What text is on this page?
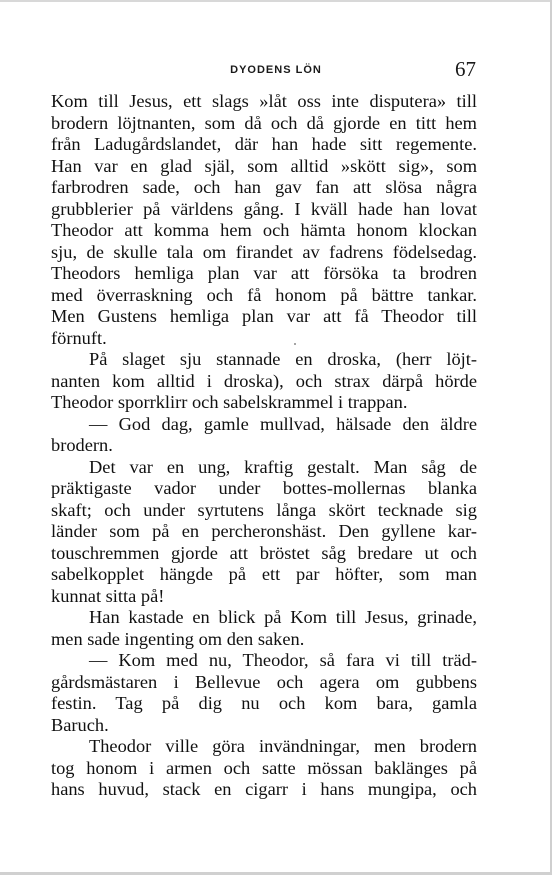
DYODENS LÖN	67
Kom till Jesus, ett slags »låt oss inte disputera» till
brodern löjtnanten, som då och då gjorde en titt hem
från Ladugårdslandet, där han hade sitt regemente.
Han var en glad själ, som alltid »skött sig», som
farbrodren sade, och han gav fan att slösa några
grubblerier på världens gång. I kväll hade han lovat
Theodor att komma hem och hämta honom klockan
sju, de skulle tala om firandet av fadrens födelsedag.
Theodors hemliga plan var att försöka ta brodren
med överraskning och få honom på bättre tankar.
Men Gustens hemliga plan var att få Theodor till
förnuft.
På slaget sju stannade en droska, (herr löjt-
nanten kom alltid i droska), och strax därpå hörde
Theodor sporrklirr och sabelskrammel i trappan.
— God dag, gamle mullvad, hälsade den äldre
brodern.
Det var en ung, kraftig gestalt. Man såg de
präktigaste vador under bottes-mollernas blanka
skaft; och under syrtutens långa skört tecknade sig
länder som på en percheronshäst. Den gyllene kar-
touschremmen gjorde att bröstet såg bredare ut och
sabelkopplet hängde på ett par höfter, som man
kunnat sitta på!
Han kastade en blick på Kom till Jesus, grinade,
men sade ingenting om den saken.
— Kom med nu, Theodor, så fara vi till träd-
gårdsmästaren i Bellevue och agera om gubbens
festin. Tag på dig nu och kom bara, gamla
Baruch.
Theodor ville göra invändningar, men brodern
tog honom i armen och satte mössan baklänges på
hans huvud, stack en cigarr i hans mungipa, och
